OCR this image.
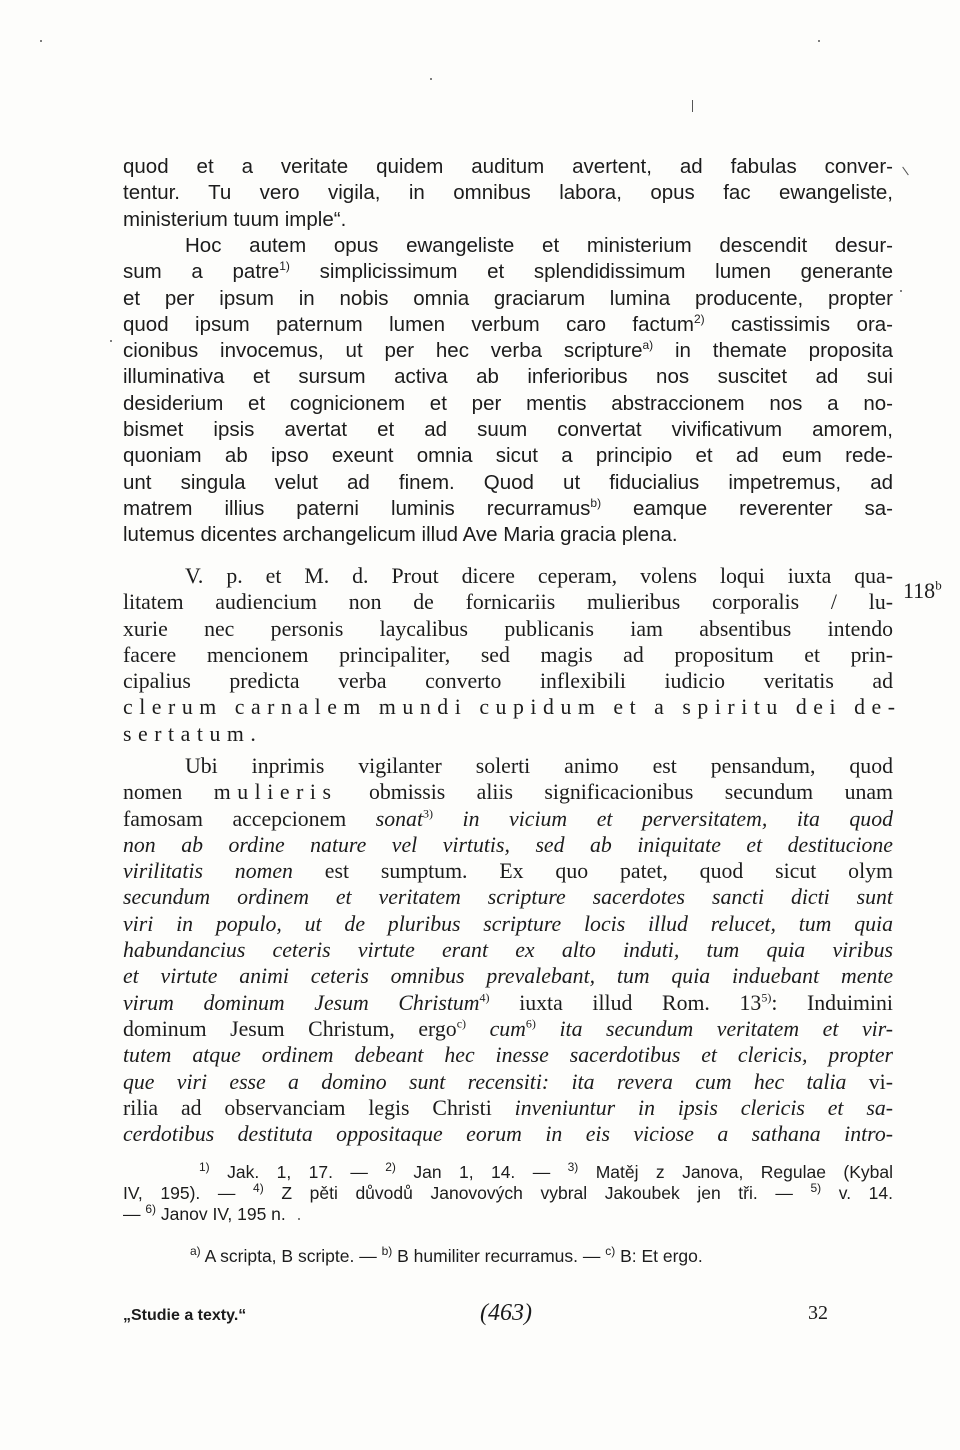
quod et a veritate quidem auditum avertent, ad fabulas conver-
tentur. Tu vero vigila, in omnibus labora, opus fac ewangeliste,
ministerium tuum imple“.
Hoc autem opus ewangeliste et ministerium descendit desur-
sum a patre$^{1)}$ simplicissimum et splendidissimum lumen generante
et per ipsum in nobis omnia graciarum lumina producente, propter
quod ipsum paternum lumen verbum caro factum$^{2)}$ castissimis ora-
cionibus invocemus, ut per hec verba scripture$^{a)}$ in themate proposita
illuminativa et sursum activa ab inferioribus nos suscitet ad sui
desiderium et cognicionem et per mentis abstraccionem nos a no-
bismet ipsis avertat et ad suum convertat vivificativum amorem,
quoniam ab ipso exeunt omnia sicut a principio et ad eum rede-
unt singula velut ad finem. Quod ut fiducialius impetremus, ad
matrem illius paterni luminis recurramus$^{b)}$ eamque reverenter sa-
lutemus dicentes archangelicum illud Ave Maria gracia plena.
V. p. et M. d. Prout dicere ceperam, volens loqui iuxta qua-
litatem audiencium non de fornicariis mulieribus corporalis / lu-
xurie nec personis laycalibus publicanis iam absentibus intendo
facere mencionem principaliter, sed magis ad propositum et prin-
cipalius predicta verba converto inflexibili iudicio veritatis ad
clerum carnalem mundi cupidum et a spiritu dei de-
sertatum.
118$^b$
Ubi inprimis vigilanter solerti animo est pensandum, quod
nomen mulieris obmissis aliis significacionibus secundum unam
famosam accepcionem sonat$^{3)}$ in vicium et perversitatem, ita quod
non ab ordine nature vel virtutis, sed ab iniquitate et destitucione
virilitatis nomen est sumptum. Ex quo patet, quod sicut olym
secundum ordinem et veritatem scripture sacerdotes sancti dicti sunt
viri in populo, ut de pluribus scripture locis illud relucet, tum quia
habundancius ceteris virtute erant ex alto induti, tum quia viribus
et virtute animi ceteris omnibus prevalebant, tum quia induebant mente
virum dominum Jesum Christum$^{4)}$ iuxta illud Rom. 13$^{5)}$: Induimini
dominum Jesum Christum, ergo$^{c)}$ cum$^{6)}$ ita secundum veritatem et vir-
tutem atque ordinem debeant hec inesse sacerdotibus et clericis, propter
que viri esse a domino sunt recensiti: ita revera cum hec talia vi-
rilia ad observanciam legis Christi inveniuntur in ipsis clericis et sa-
cerdotibus destituta oppositaque eorum in eis viciose a sathana intro-
$^{1)}$ Jak. 1, 17. — $^{2)}$ Jan 1, 14. — $^{3)}$ Matěj z Janova, Regulae (Kybal
IV, 195). — $^{4)}$ Z pěti důvodů Janovových vybral Jakoubek jen tři. — $^{5)}$ v. 14.
— $^{6)}$ Janov IV, 195 n.
$^{a)}$ A scripta, B scripte. — $^{b)}$ B humiliter recurramus. — $^{c)}$ B: Et ergo.
„Studie a texty.“	(463)	32
